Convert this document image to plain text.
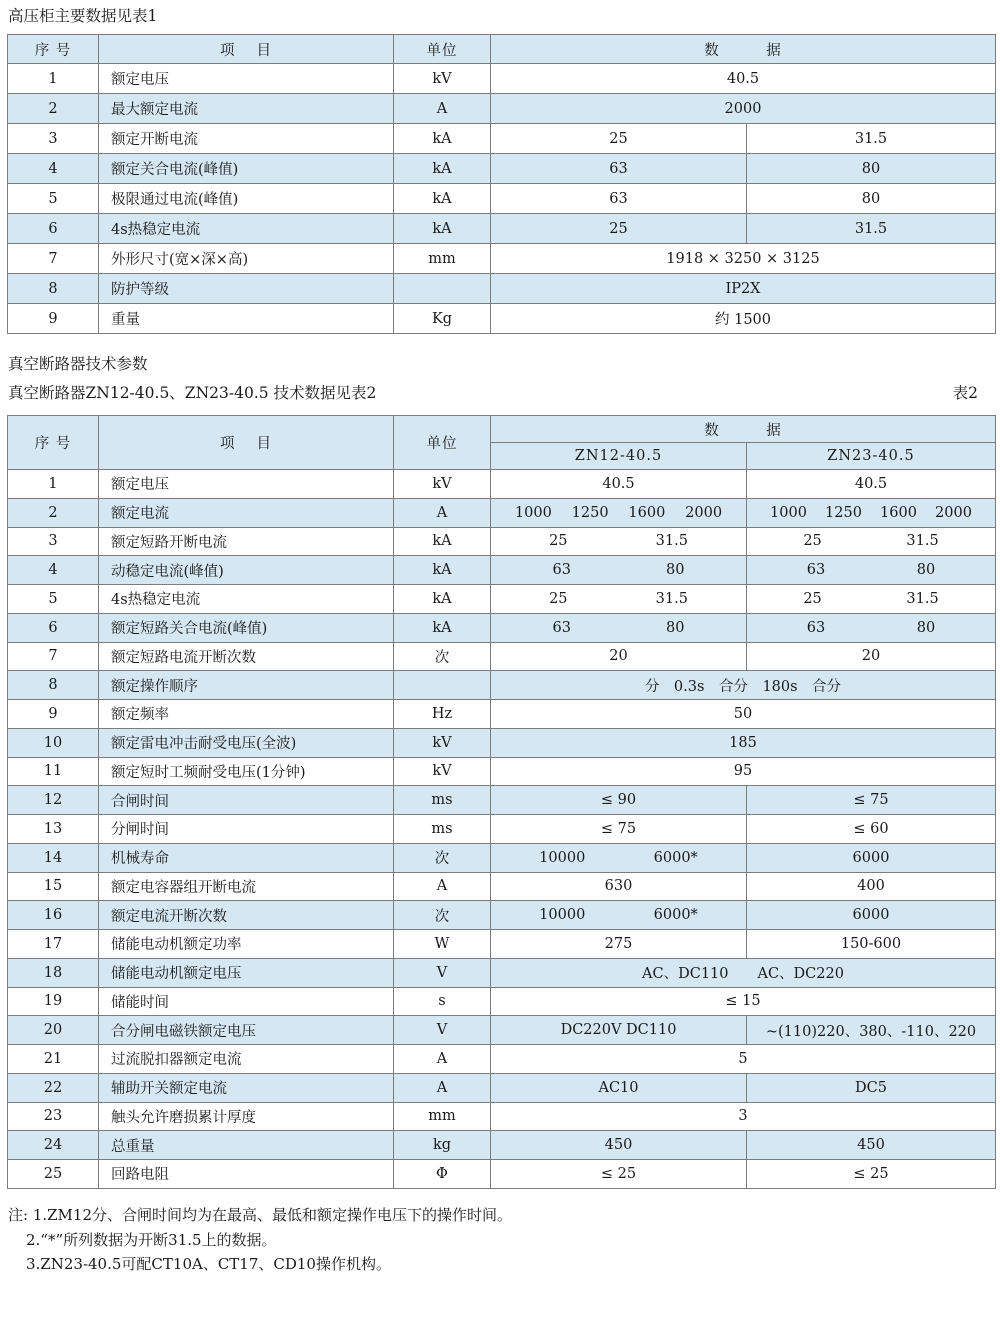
高压柜主要数据见表1
序 号	项　 目	单位	数　　　据	
1	额定电压	kV	40.5	
2	最大额定电流	A	2000	
3	额定开断电流	kA	25	31.5
4	额定关合电流(峰值)	kA	63	80
5	极限通过电流(峰值)	kA	63	80
6	4s热稳定电流	kA	25	31.5
7	外形尺寸(宽×深×高)	mm	1918 × 3250 × 3125	
8	防护等级		IP2X	
9	重量	Kg	约 1500	
真空断路器技术参数
真空断路器ZN12-40.5、ZN23-40.5 技术数据见表2	表2
序 号	项　 目	单位	数　　　据	
			ZN12-40.5	ZN23-40.5
1	额定电压	kV	40.5	40.5
2	额定电流	A	1000 1250 1600 2000	1000 1250 1600 2000

3	额定短路开断电流	kA	25 31.5	25 31.5

4	动稳定电流(峰值)	kA	63 80	63 80

5	4s热稳定电流	kA	25 31.5	25 31.5

6	额定短路关合电流(峰值)	kA	63 80	63 80

7	额定短路电流开断次数	次	20	20
8	额定操作顺序		分　0.3s　合分　180s　合分	
9	额定频率	Hz	50	
10	额定雷电冲击耐受电压(全波)	kV	185	
11	额定短时工频耐受电压(1分钟)	kV	95	
12	合闸时间	ms	≤ 90	≤ 75
13	分闸时间	ms	≤ 75	≤ 60
14	机械寿命	次	10000 6000*	6000
15	额定电容器组开断电流	A	630	400
16	额定电流开断次数	次	10000 6000*	6000
17	储能电动机额定功率	W	275	150-600
18	储能电动机额定电压	V	AC、DC110　　AC、DC220	
19	储能时间	s	≤ 15	
20	合分闸电磁铁额定电压	V	DC220V DC110	~(110)220、380、-110、220
21	过流脱扣器额定电流	A	5	
22	辅助开关额定电流	A	AC10	DC5
23	触头允许磨损累计厚度	mm	3	
24	总重量	kg	450	450
25	回路电阻	Φ	≤ 25	≤ 25
注: 1.ZM12分、合闸时间均为在最高、最低和额定操作电压下的操作时间。
2.“*”所列数据为开断31.5上的数据。
3.ZN23-40.5可配CT10A、CT17、CD10操作机构。
